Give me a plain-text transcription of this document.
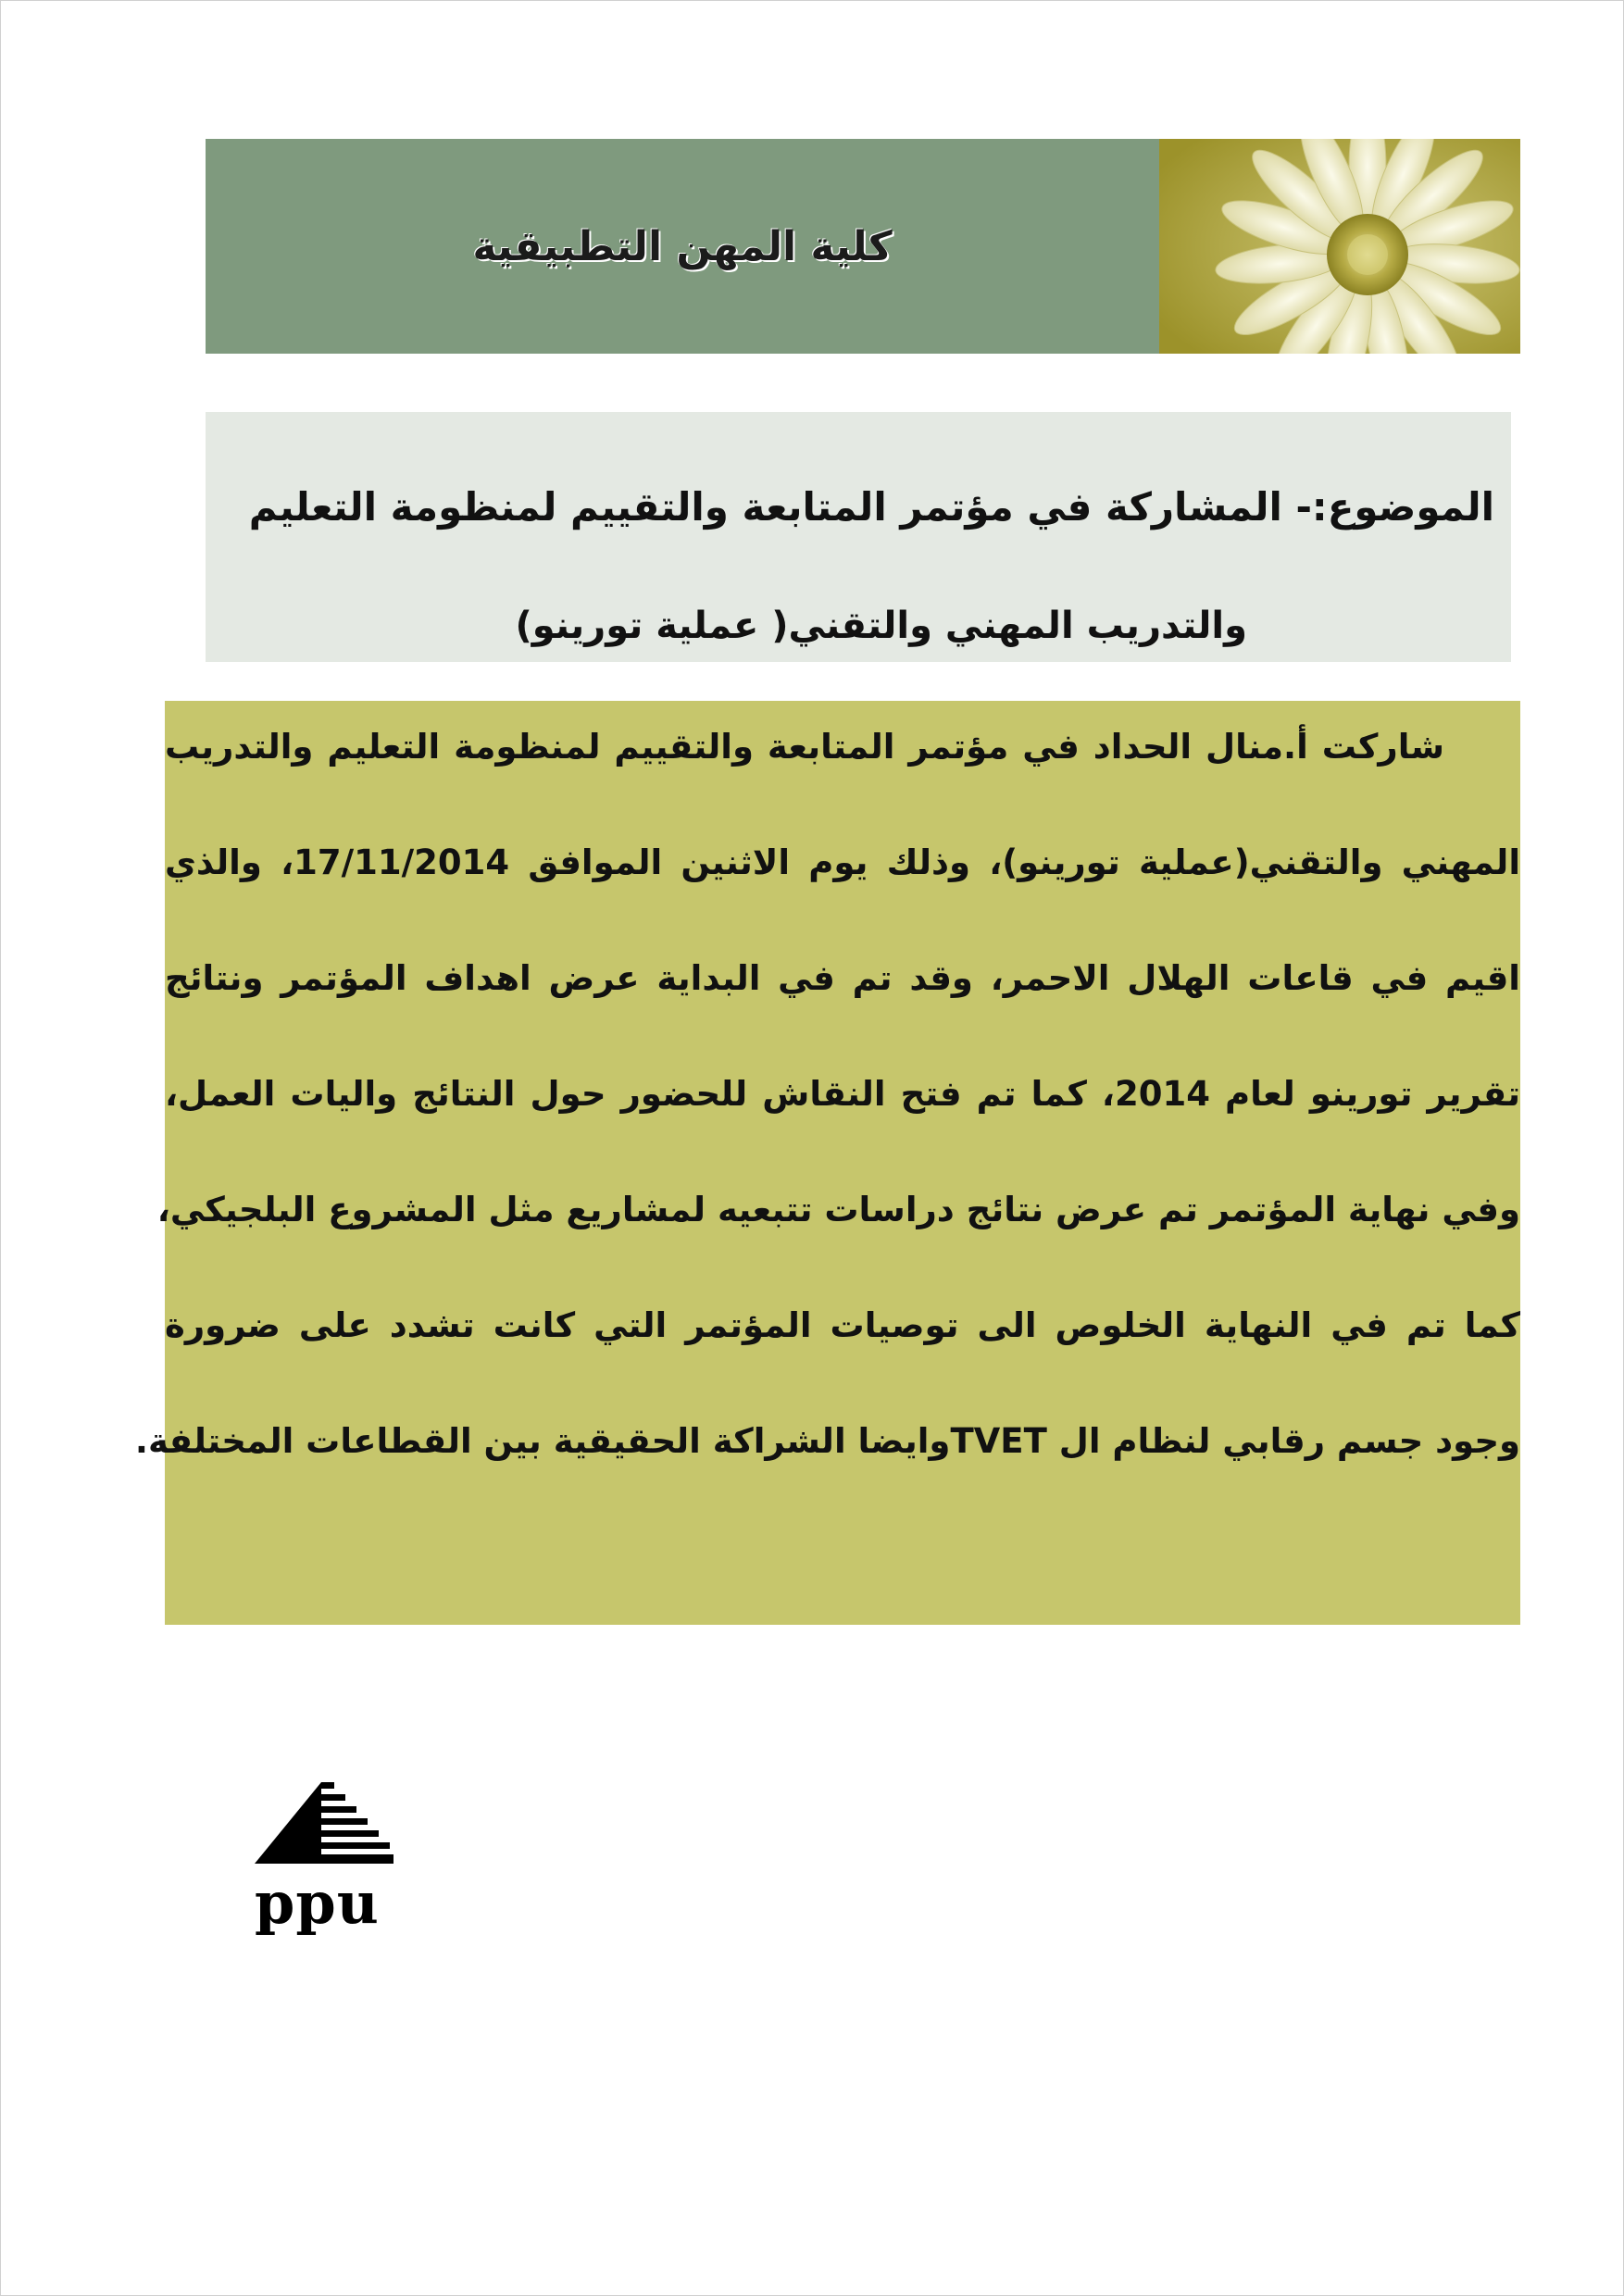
كلية المهن التطبيقية
الموضوع:- المشاركة في مؤتمر المتابعة والتقييم لمنظومة التعليم
والتدريب المهني والتقني( عملية تورينو)
شاركت أ.منال الحداد في مؤتمر المتابعة والتقييم لمنظومة التعليم والتدريب
المهني والتقني(عملية تورينو)، وذلك يوم الاثنين الموافق 17/11/2014، والذي
اقيم في قاعات الهلال الاحمر، وقد تم في البداية عرض اهداف المؤتمر ونتائج
تقرير تورينو لعام 2014، كما تم فتح النقاش للحضور حول النتائج واليات العمل،
وفي نهاية المؤتمر تم عرض نتائج دراسات تتبعيه لمشاريع مثل المشروع البلجيكي،
كما تم في النهاية الخلوص الى توصيات المؤتمر التي كانت تشدد على ضرورة
وجود جسم رقابي لنظام ال TVETوايضا الشراكة الحقيقية بين القطاعات المختلفة.
ppu
